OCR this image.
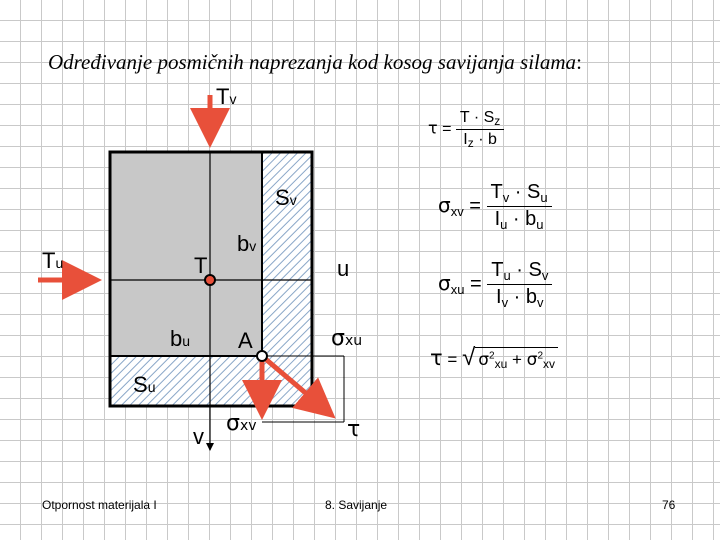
Određivanje posmičnih naprezanja kod kosog savijanja silama:
Tv
Sv
bv
Tu	T	u
bu A	σxu
Su
v
σxv	τ
$\tau = \frac{T \cdot Sz}{Iz \cdot b}$
$\sigma_{xv} = \frac{T_v \cdot S_u}{I_u \cdot b_u}$
$\sigma_{xu} = \frac{T_u \cdot S_v}{I_v \cdot b_v}$
τ = √ $\sigma^2xu + \sigma^2xv$
Otpornost materijala I	8. Savijanje	76
